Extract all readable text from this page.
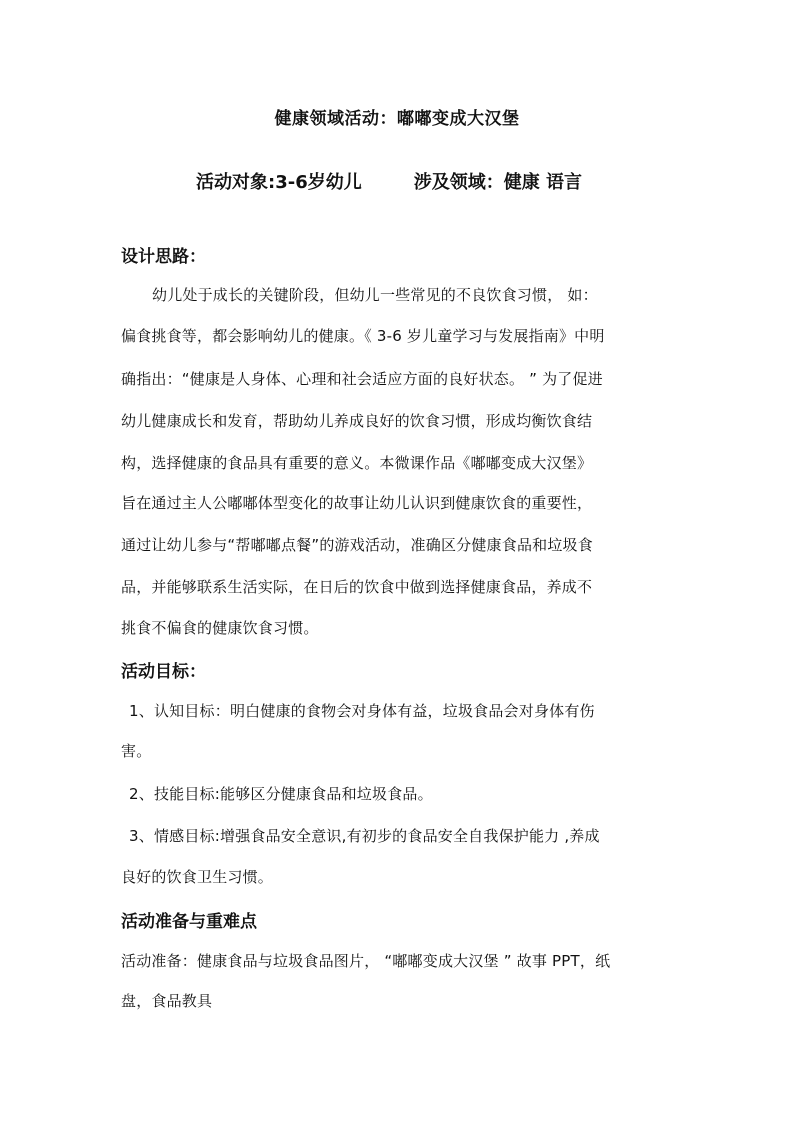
健康领域活动：嘟嘟变成大汉堡
活动对象:3-6岁幼儿	涉及领域：健康 语言
设计思路：
幼儿处于成长的关键阶段，但幼儿一些常见的不良饮食习惯， 如：
偏食挑食等，都会影响幼儿的健康。《 3-6 岁儿童学习与发展指南》中明
确指出：“健康是人身体、心理和社会适应方面的良好状态。 ” 为了促进
幼儿健康成长和发育，帮助幼儿养成良好的饮食习惯，形成均衡饮食结
构，选择健康的食品具有重要的意义。本微课作品《嘟嘟变成大汉堡》
旨在通过主人公嘟嘟体型变化的故事让幼儿认识到健康饮食的重要性，
通过让幼儿参与“帮嘟嘟点餐”的游戏活动，准确区分健康食品和垃圾食
品，并能够联系生活实际，在日后的饮食中做到选择健康食品，养成不
挑食不偏食的健康饮食习惯。
活动目标：
1、认知目标：明白健康的食物会对身体有益，垃圾食品会对身体有伤
害。
2、技能目标:能够区分健康食品和垃圾食品。
3、情感目标:增强食品安全意识,有初步的食品安全自我保护能力 ,养成
良好的饮食卫生习惯。
活动准备与重难点
活动准备：健康食品与垃圾食品图片， “嘟嘟变成大汉堡 ” 故事 PPT，纸
盘，食品教具
